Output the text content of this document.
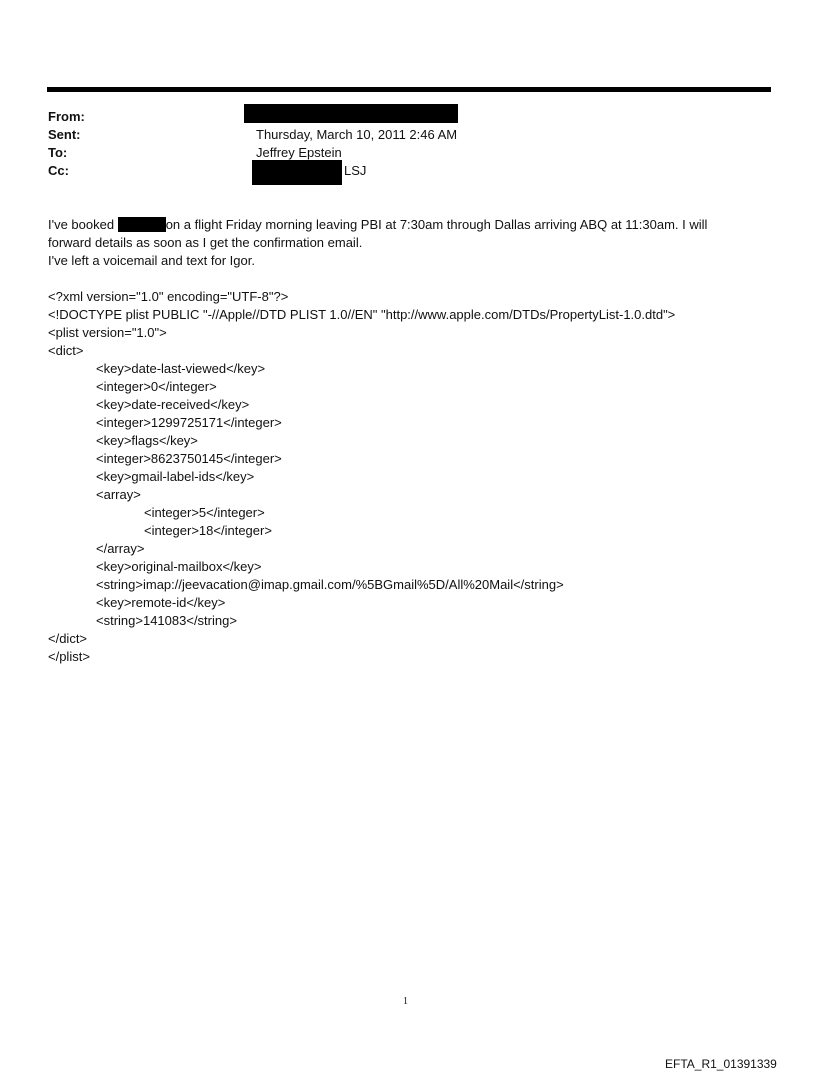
From:
Sent:
To:
Cc:
Thursday, March 10, 2011 2:46 AM
Jeffrey Epstein
LSJ
I've booked	on a flight Friday morning leaving PBI at 7:30am through Dallas arriving ABQ at 11:30am. I will
forward details as soon as I get the confirmation email.
I've left a voicemail and text for Igor.
<?xml version="1.0" encoding="UTF-8"?>
<!DOCTYPE plist PUBLIC "-//Apple//DTD PLIST 1.0//EN" "http://www.apple.com/DTDs/PropertyList-1.0.dtd">
<plist version="1.0">
<dict>
<key>date-last-viewed</key>
<integer>0</integer>
<key>date-received</key>
<integer>1299725171</integer>
<key>flags</key>
<integer>8623750145</integer>
<key>gmail-label-ids</key>
<array>
<integer>5</integer>
<integer>18</integer>
</array>
<key>original-mailbox</key>
<string>imap://jeevacation@imap.gmail.com/%5BGmail%5D/All%20Mail</string>
<key>remote-id</key>
<string>141083</string>
</dict>
</plist>
1
EFTA_R1_01391339
